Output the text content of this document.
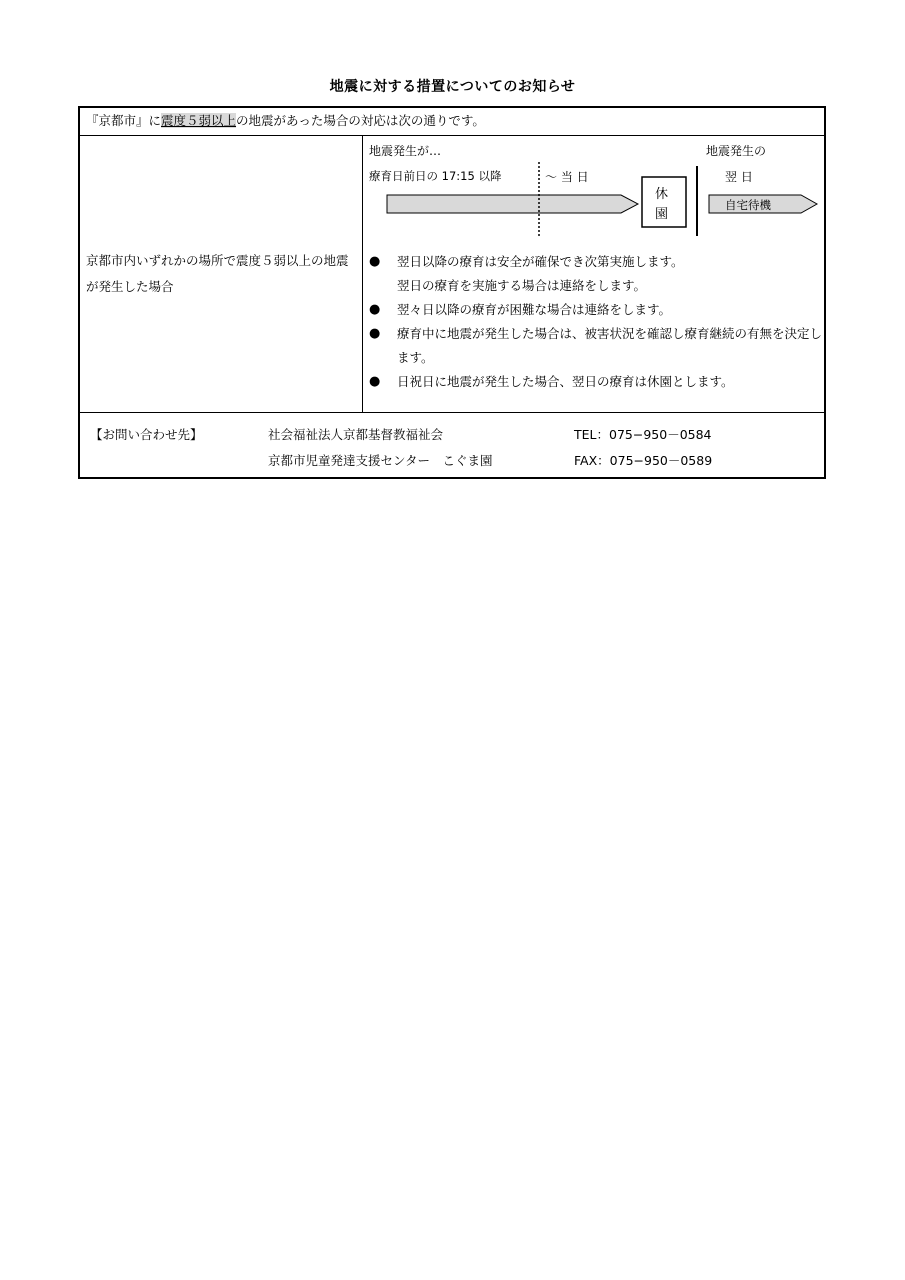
地震に対する措置についてのお知らせ
『京都市』に震度５弱以上の地震があった場合の対応は次の通りです。
京都市内いずれかの場所で震度５弱以上の地震が発生した場合
地震発生が…
療育日前日の 17:15 以降	～ 当 日
地震発生の
翌 日
休
園
自宅待機
● 翌日以降の療育は安全が確保でき次第実施します。
翌日の療育を実施する場合は連絡をします。
● 翌々日以降の療育が困難な場合は連絡をします。
● 療育中に地震が発生した場合は、被害状況を確認し療育継続の有無を決定します。
● 日祝日に地震が発生した場合、翌日の療育は休園とします。
【お問い合わせ先】	社会福祉法人京都基督教福祉会
京都市児童発達支援センター　こぐま園
TEL：075−950－0584
FAX：075−950－0589
